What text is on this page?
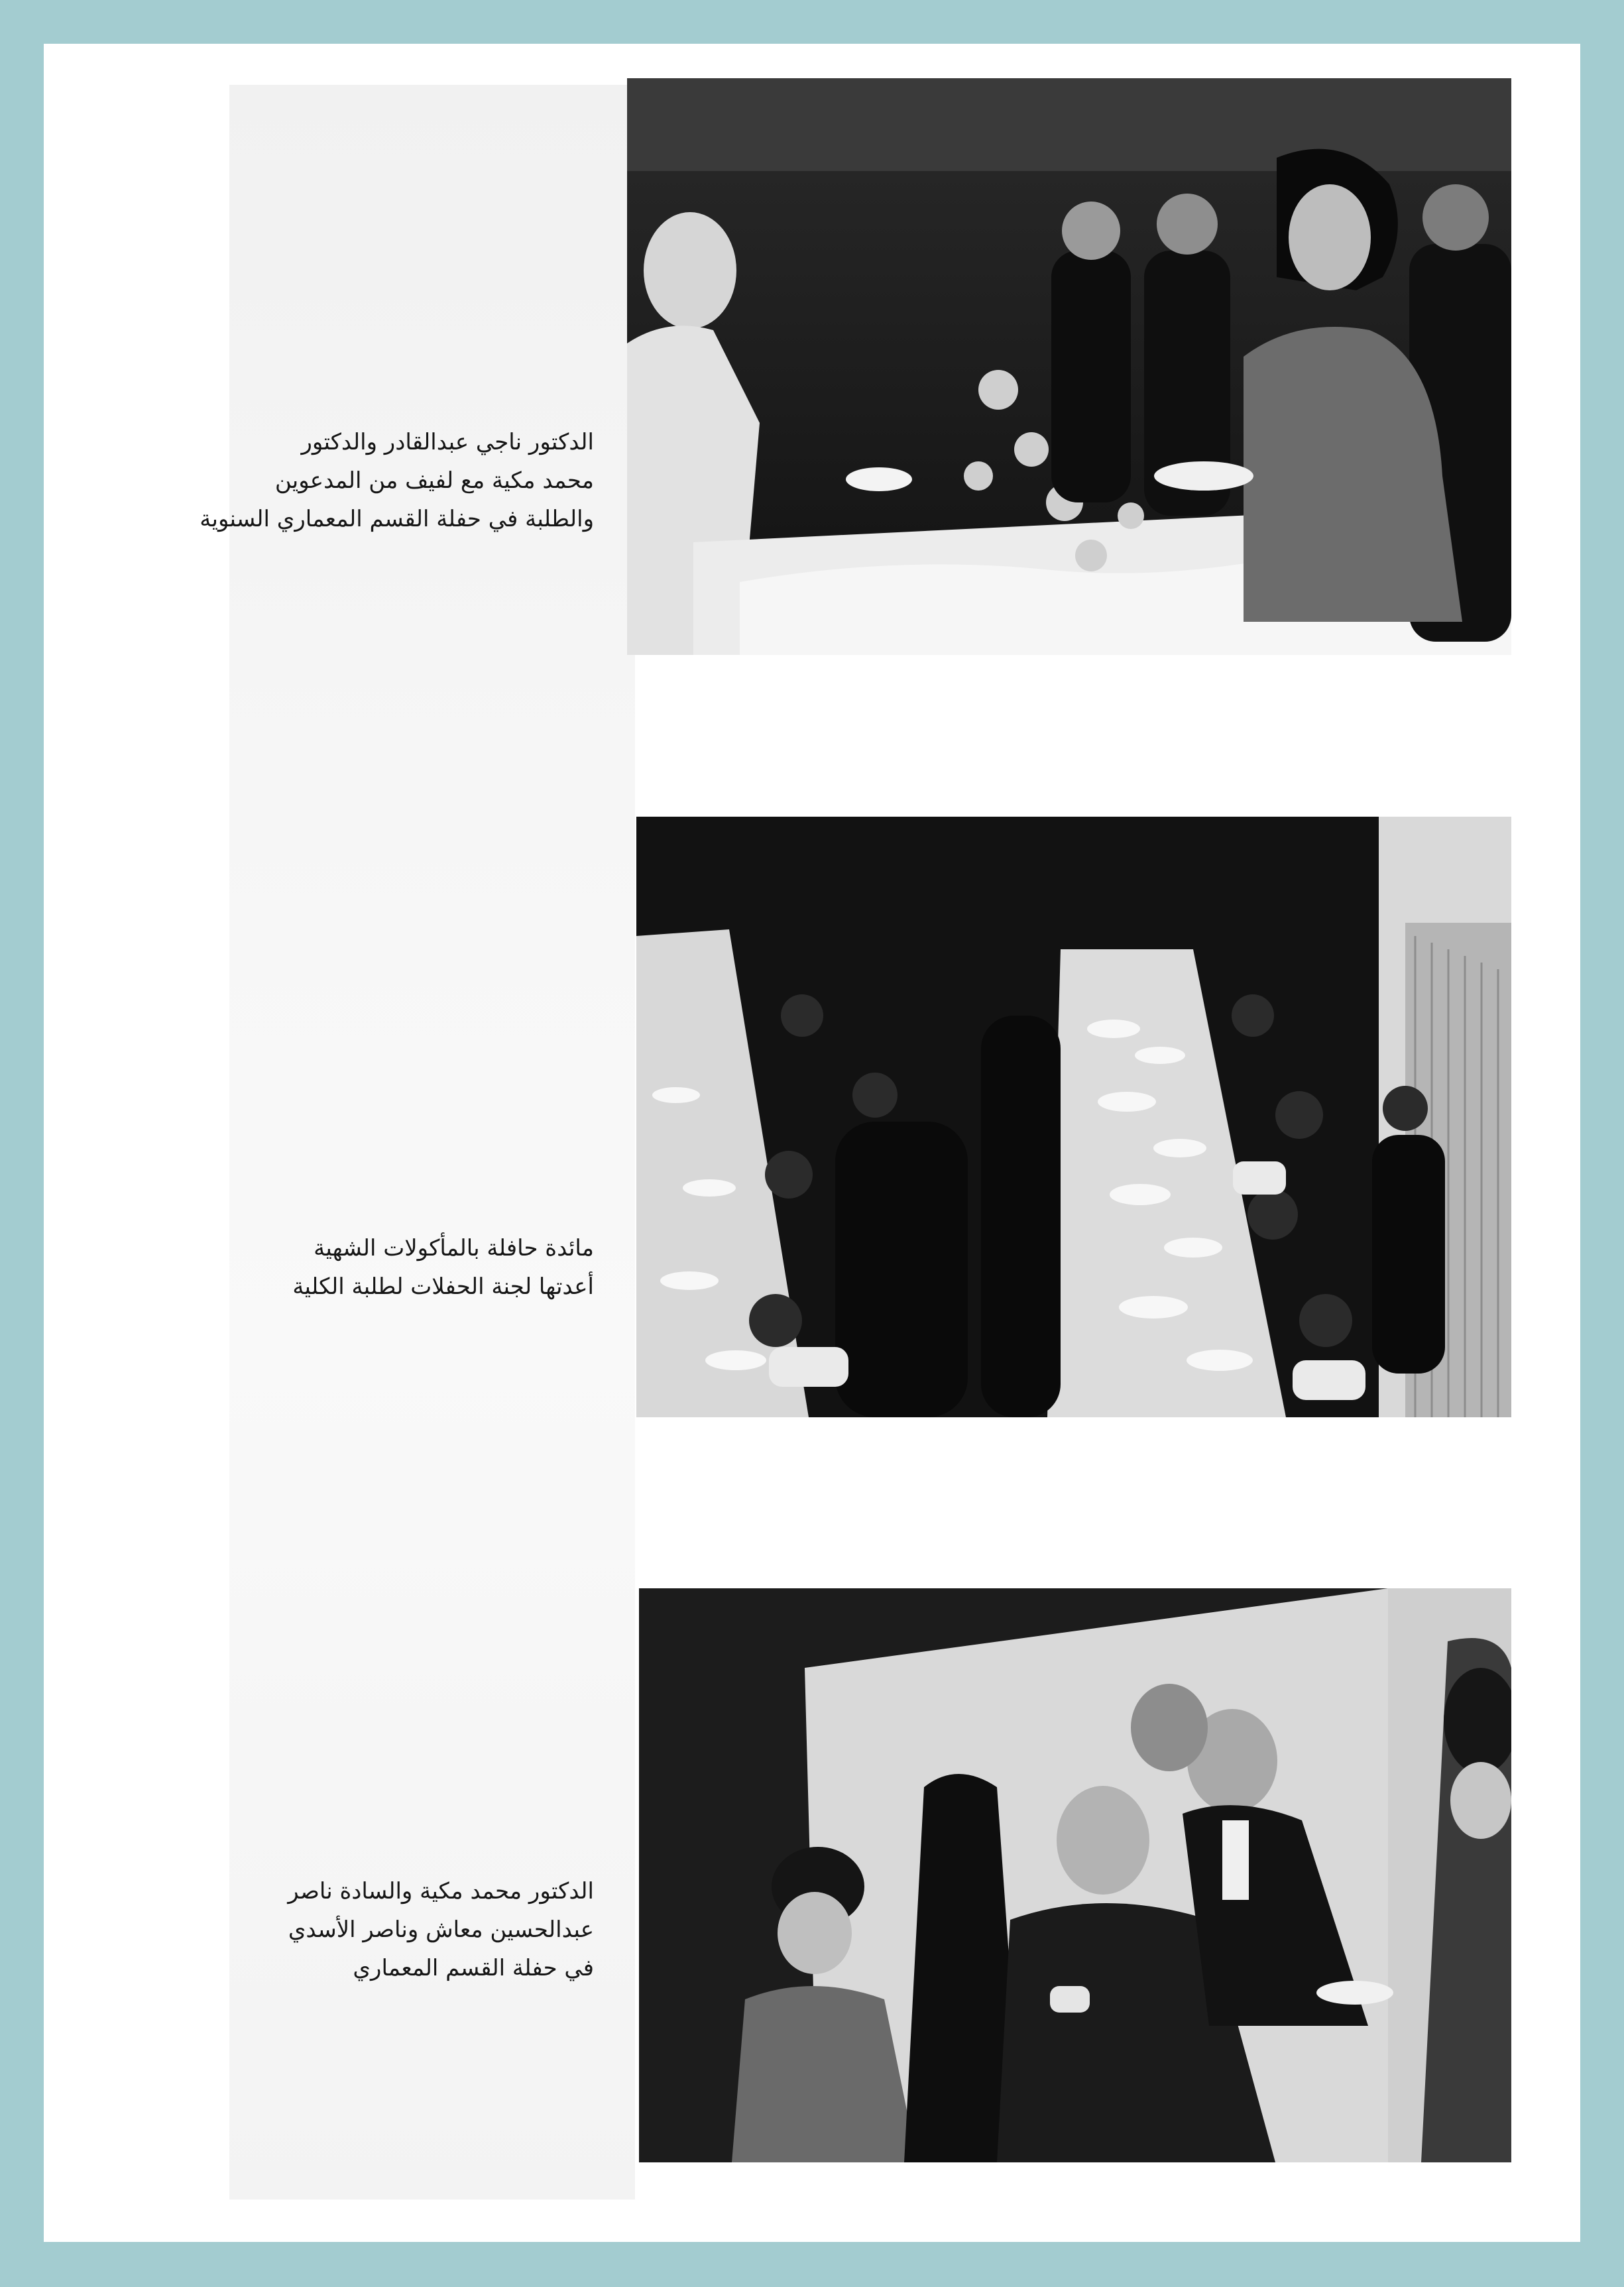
الدكتور ناجي عبدالقادر والدكتور
محمد مكية مع لفيف من المدعوين
والطلبة في حفلة القسم المعماري السنوية
مائدة حافلة بالمأكولات الشهية
أعدتها لجنة الحفلات لطلبة الكلية
الدكتور محمد مكية والسادة ناصر
عبدالحسين معاش وناصر الأسدي
في حفلة القسم المعماري
